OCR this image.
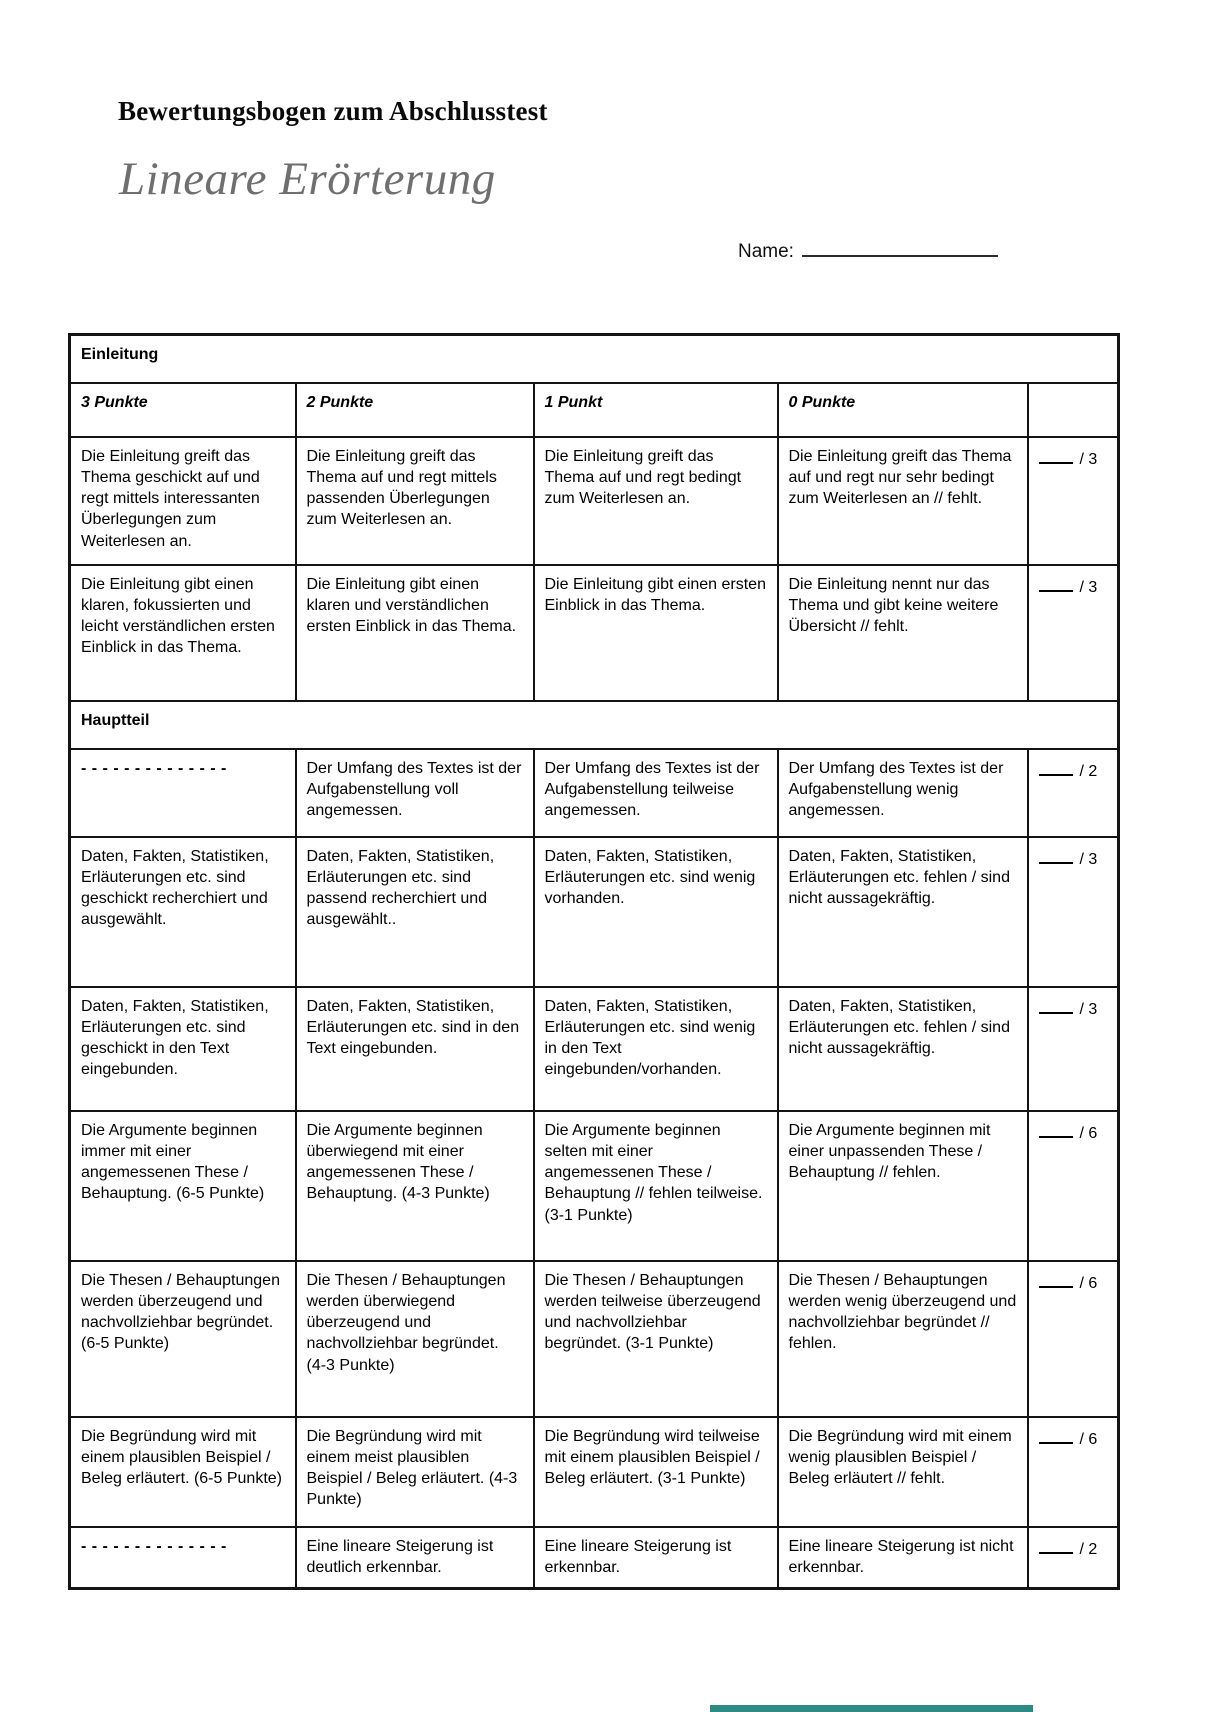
Bewertungsbogen zum Abschlusstest
Lineare Erörterung
Name:
Einleitung				
3 Punkte	2 Punkte	1 Punkt	0 Punkte	
Die Einleitung greift das Thema geschickt auf und regt mittels interessanten Überlegungen zum Weiterlesen an.	Die Einleitung greift das Thema auf und regt mittels passenden Überlegungen zum Weiterlesen an.	Die Einleitung greift das Thema auf und regt bedingt zum Weiterlesen an.	Die Einleitung greift das Thema auf und regt nur sehr bedingt zum Weiterlesen an // fehlt.	/ 3
Die Einleitung gibt einen klaren, fokussierten und leicht verständlichen ersten Einblick in das Thema.	Die Einleitung gibt einen klaren und verständlichen ersten Einblick in das Thema.	Die Einleitung gibt einen ersten Einblick in das Thema.	Die Einleitung nennt nur das Thema und gibt keine weitere Übersicht // fehlt.	/ 3
Hauptteil				
- - - - - - - - - - - - - -	Der Umfang des Textes ist der Aufgabenstellung voll angemessen.	Der Umfang des Textes ist der Aufgabenstellung teilweise angemessen.	Der Umfang des Textes ist der Aufgabenstellung wenig angemessen.	/ 2
Daten, Fakten, Statistiken, Erläuterungen etc. sind geschickt recherchiert und ausgewählt.	Daten, Fakten, Statistiken, Erläuterungen etc. sind passend recherchiert und ausgewählt..	Daten, Fakten, Statistiken, Erläuterungen etc. sind wenig vorhanden.	Daten, Fakten, Statistiken, Erläuterungen etc. fehlen / sind nicht aussagekräftig.	/ 3
Daten, Fakten, Statistiken, Erläuterungen etc. sind geschickt in den Text eingebunden.	Daten, Fakten, Statistiken, Erläuterungen etc. sind in den Text eingebunden.	Daten, Fakten, Statistiken, Erläuterungen etc. sind wenig in den Text eingebunden/vorhanden.	Daten, Fakten, Statistiken, Erläuterungen etc. fehlen / sind nicht aussagekräftig.	/ 3
Die Argumente beginnen immer mit einer angemessenen These / Behauptung. (6-5 Punkte)	Die Argumente beginnen überwiegend mit einer angemessenen These / Behauptung. (4-3 Punkte)	Die Argumente beginnen selten mit einer angemessenen These / Behauptung // fehlen teilweise. (3-1 Punkte)	Die Argumente beginnen mit einer unpassenden These / Behauptung // fehlen.	/ 6
Die Thesen / Behauptungen werden überzeugend und nachvollziehbar begründet. (6-5 Punkte)	Die Thesen / Behauptungen werden überwiegend überzeugend und nachvollziehbar begründet. (4-3 Punkte)	Die Thesen / Behauptungen werden teilweise überzeugend und nachvollziehbar begründet. (3-1 Punkte)	Die Thesen / Behauptungen werden wenig überzeugend und nachvollziehbar begründet // fehlen.	/ 6
Die Begründung wird mit einem plausiblen Beispiel / Beleg erläutert. (6-5 Punkte)	Die Begründung wird mit einem meist plausiblen Beispiel / Beleg erläutert. (4-3 Punkte)	Die Begründung wird teilweise mit einem plausiblen Beispiel / Beleg erläutert. (3-1 Punkte)	Die Begründung wird mit einem wenig plausiblen Beispiel / Beleg erläutert // fehlt.	/ 6
- - - - - - - - - - - - - -	Eine lineare Steigerung ist deutlich erkennbar.	Eine lineare Steigerung ist erkennbar.	Eine lineare Steigerung ist nicht erkennbar.	/ 2
